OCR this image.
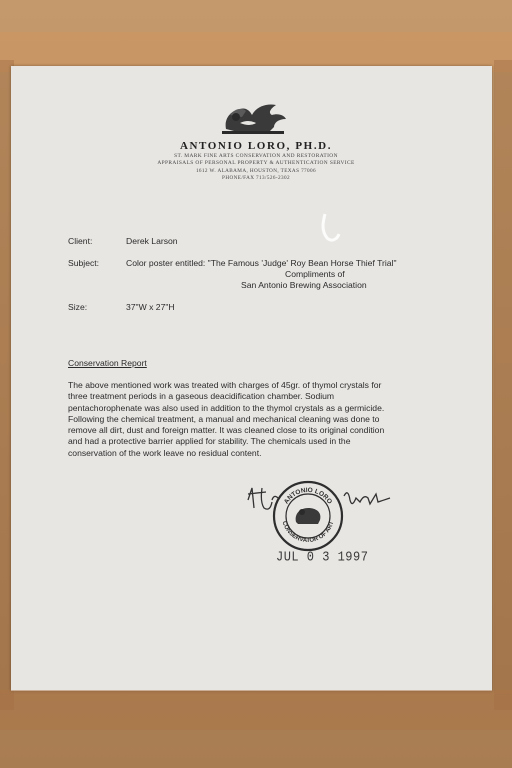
ANTONIO LORO, PH.D.
ST. MARK FINE ARTS CONSERVATION AND RESTORATION
APPRAISALS OF PERSONAL PROPERTY & AUTHENTICATION SERVICE
1612 W. ALABAMA, HOUSTON, TEXAS 77006
PHONE/FAX 713/526-2302
Client:	Derek Larson
Subject:	Color poster entitled: "The Famous 'Judge' Roy Bean Horse Thief Trial"
Compliments of
San Antonio Brewing Association
Size:	37"W x 27"H
Conservation Report
The above mentioned work was treated with charges of 45gr. of thymol crystals for
three treatment periods in a gaseous deacidification chamber. Sodium
pentachorophenate was also used in addition to the thymol crystals as a germicide.
Following the chemical treatment, a manual and mechanical cleaning was done to
remove all dirt, dust and foreign matter. It was cleaned close to its original condition
and had a protective barrier applied for stability. The chemicals used in the
conservation of the work leave no residual content.
ANTONIO LORO
CONSERVATOR OF ART
JUL 0 3 1997
